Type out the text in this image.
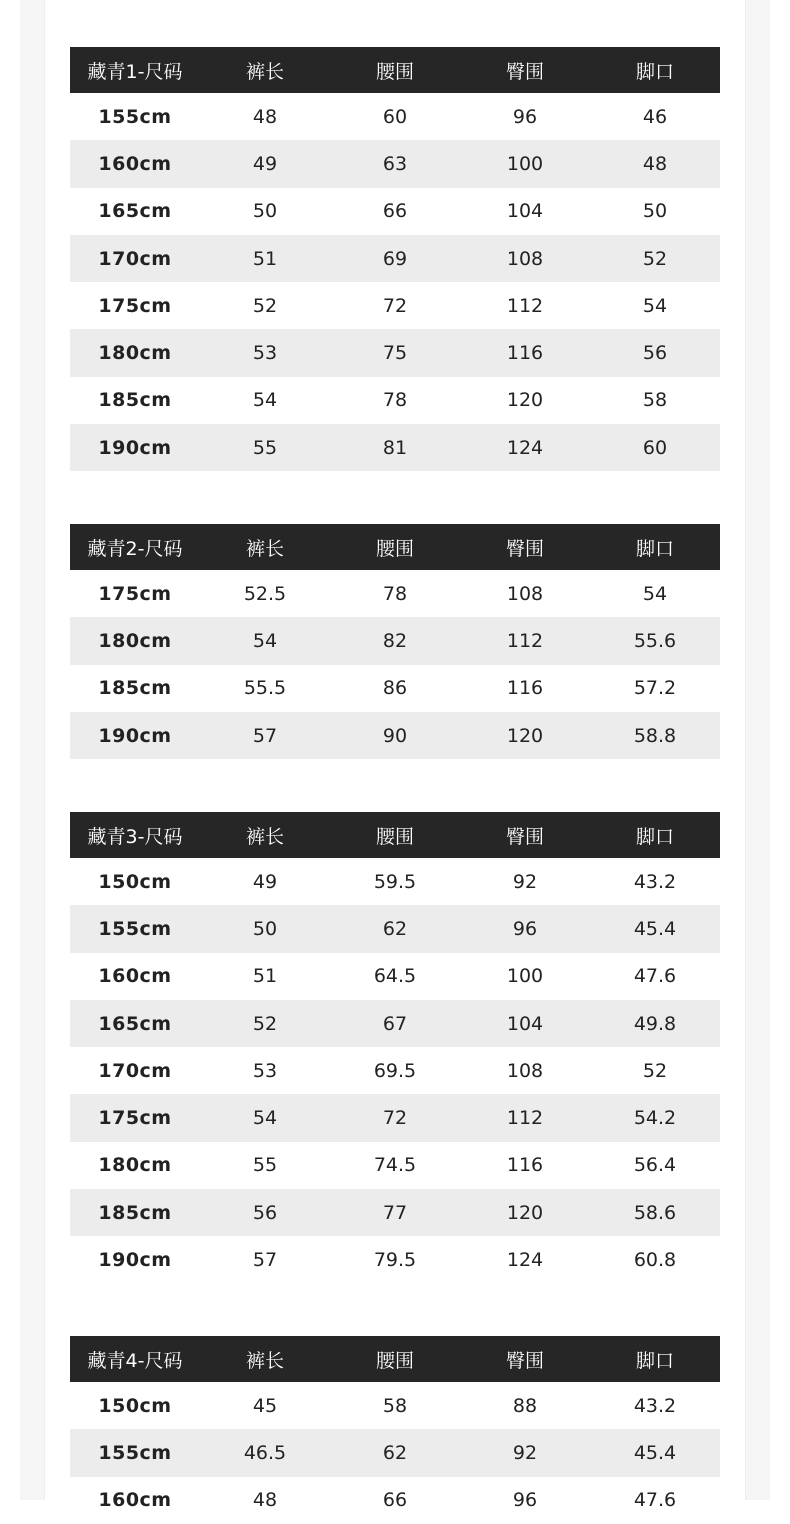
藏青1-尺码	裤长	腰围	臀围	脚口
155cm	48	60	96	46
160cm	49	63	100	48
165cm	50	66	104	50
170cm	51	69	108	52
175cm	52	72	112	54
180cm	53	75	116	56
185cm	54	78	120	58
190cm	55	81	124	60
藏青2-尺码	裤长	腰围	臀围	脚口
175cm	52.5	78	108	54
180cm	54	82	112	55.6
185cm	55.5	86	116	57.2
190cm	57	90	120	58.8
藏青3-尺码	裤长	腰围	臀围	脚口
150cm	49	59.5	92	43.2
155cm	50	62	96	45.4
160cm	51	64.5	100	47.6
165cm	52	67	104	49.8
170cm	53	69.5	108	52
175cm	54	72	112	54.2
180cm	55	74.5	116	56.4
185cm	56	77	120	58.6
190cm	57	79.5	124	60.8
藏青4-尺码	裤长	腰围	臀围	脚口
150cm	45	58	88	43.2
155cm	46.5	62	92	45.4
160cm	48	66	96	47.6
